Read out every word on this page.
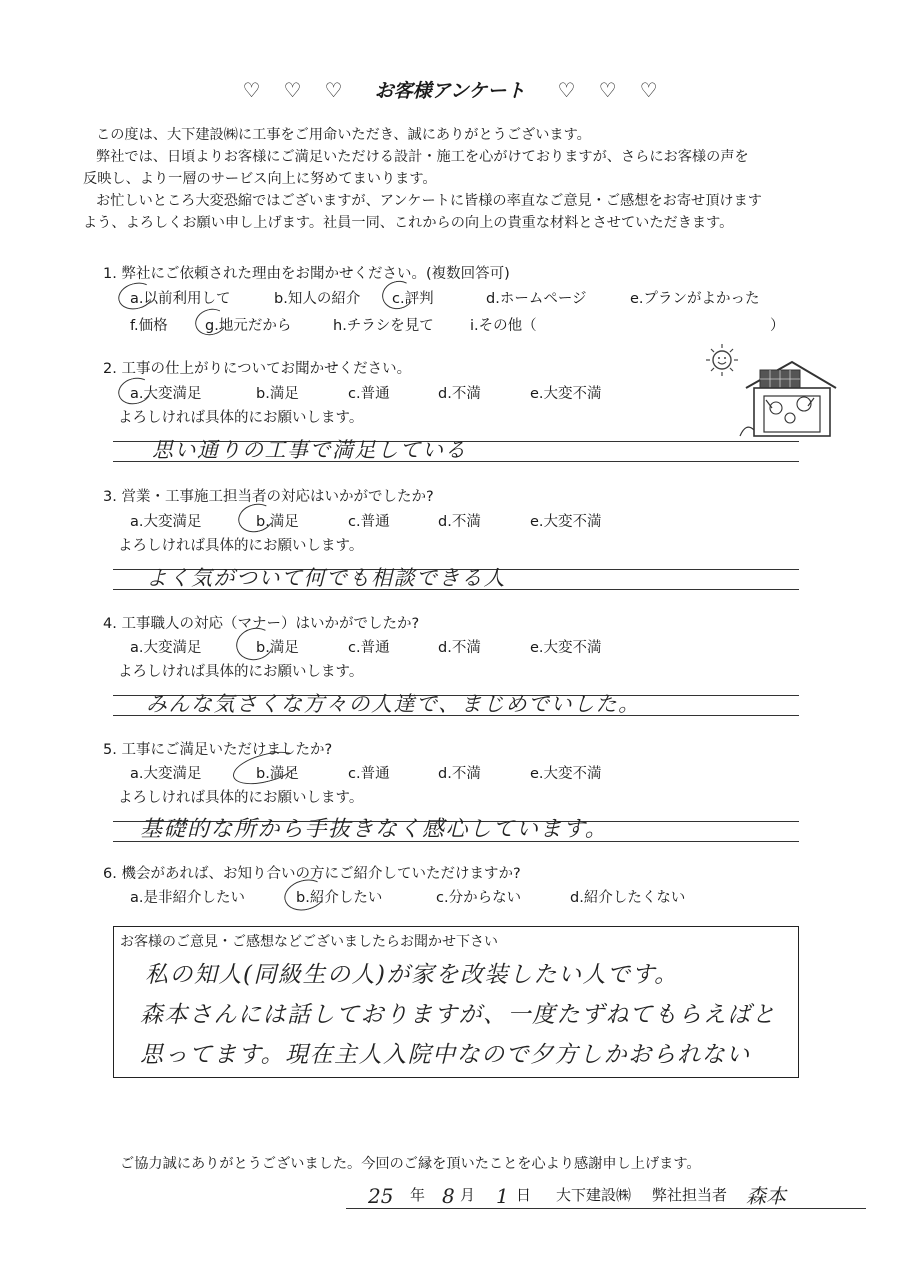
♡ ♡ ♡ お客様アンケート ♡ ♡ ♡
この度は、大下建設㈱に工事をご用命いただき、誠にありがとうございます。
弊社では、日頃よりお客様にご満足いただける設計・施工を心がけておりますが、さらにお客様の声を
反映し、より一層のサービス向上に努めてまいります。
お忙しいところ大変恐縮ではございますが、アンケートに皆様の率直なご意見・ご感想をお寄せ頂けます
よう、よろしくお願い申し上げます。社員一同、これからの向上の貴重な材料とさせていただきます。
1. 弊社にご依頼された理由をお聞かせください。(複数回答可)
a.以前利用して	b.知人の紹介 c.評判	d.ホームページ	e.プランがよかった
f.価格	g.地元だから	h.チラシを見て i.その他（	）
2. 工事の仕上がりについてお聞かせください。
a.大変満足	b.満足	c.普通	d.不満	e.大変不満
よろしければ具体的にお願いします。
思い通りの工事で満足している
3. 営業・工事施工担当者の対応はいかがでしたか?
a.大変満足	b.満足	c.普通	d.不満	e.大変不満
よろしければ具体的にお願いします。
よく気がついて何でも相談できる人
4. 工事職人の対応（マナー）はいかがでしたか?
a.大変満足	b.満足	c.普通	d.不満	e.大変不満
よろしければ具体的にお願いします。
みんな気さくな方々の人達で、まじめでいした。
5. 工事にご満足いただけましたか?
a.大変満足	b.満足	c.普通	d.不満	e.大変不満
よろしければ具体的にお願いします。
基礎的な所から手抜きなく感心しています。
6. 機会があれば、お知り合いの方にご紹介していただけますか?
a.是非紹介したい	b.紹介したい	c.分からない	d.紹介したくない
お客様のご意見・ご感想などございましたらお聞かせ下さい
私の知人(同級生の人)が家を改装したい人です。
森本さんには話しておりますが、一度たずねてもらえばと
思ってます。現在主人入院中なので夕方しかおられない
ご協力誠にありがとうございました。今回のご縁を頂いたことを心より感謝申し上げます。
25 年 8 月 1 日 大下建設㈱ 弊社担当者 森本
